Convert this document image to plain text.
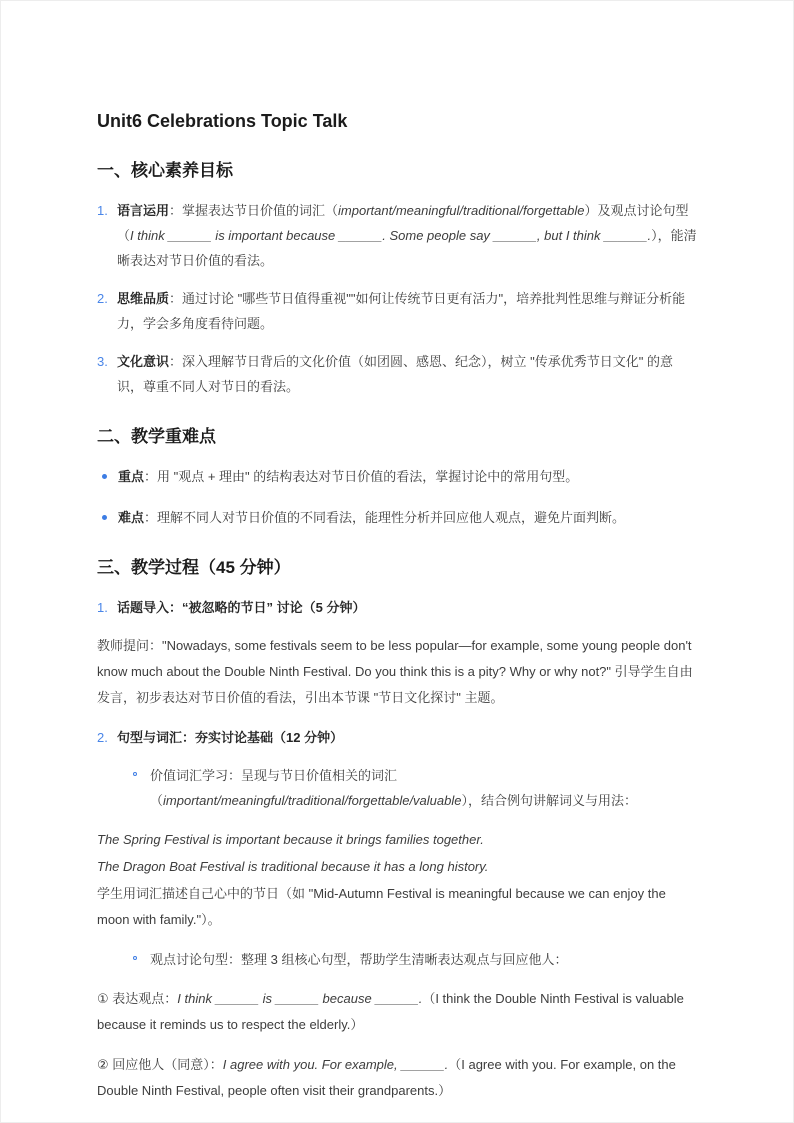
Unit6 Celebrations Topic Talk
一、核心素养目标
1. 语言运用：掌握表达节日价值的词汇（important/meaningful/traditional/forgettable）及观点讨论句型（I think ______ is important because ______. Some people say ______, but I think ______.），能清晰表达对节日价值的看法。
2. 思维品质：通过讨论 "哪些节日值得重视""如何让传统节日更有活力"，培养批判性思维与辩证分析能力，学会多角度看待问题。
3. 文化意识：深入理解节日背后的文化价值（如团圆、感恩、纪念），树立 "传承优秀节日文化" 的意识，尊重不同人对节日的看法。
二、教学重难点
重点：用 "观点 + 理由" 的结构表达对节日价值的看法，掌握讨论中的常用句型。
难点：理解不同人对节日价值的不同看法，能理性分析并回应他人观点，避免片面判断。
三、教学过程（45 分钟）
1. 话题导入：“被忽略的节日” 讨论（5 分钟）

教师提问："Nowadays, some festivals seem to be less popular—for example, some young people don't know much about the Double Ninth Festival. Do you think this is a pity? Why or why not?" 引导学生自由发言，初步表达对节日价值的看法，引出本节课 "节日文化探讨" 主题。

2. 句型与词汇：夯实讨论基础（12 分钟）
价值词汇学习：呈现与节日价值相关的词汇（important/meaningful/traditional/forgettable/valuable），结合例句讲解词义与用法：

The Spring Festival is important because it brings families together.

The Dragon Boat Festival is traditional because it has a long history.

学生用词汇描述自己心中的节日（如 "Mid-Autumn Festival is meaningful because we can enjoy the moon with family."）。

观点讨论句型：整理 3 组核心句型，帮助学生清晰表达观点与回应他人：

① 表达观点：I think ______ is ______ because ______.（I think the Double Ninth Festival is valuable because it reminds us to respect the elderly.）

② 回应他人（同意）：I agree with you. For example, ______.（I agree with you. For example, on the Double Ninth Festival, people often visit their grandparents.）
